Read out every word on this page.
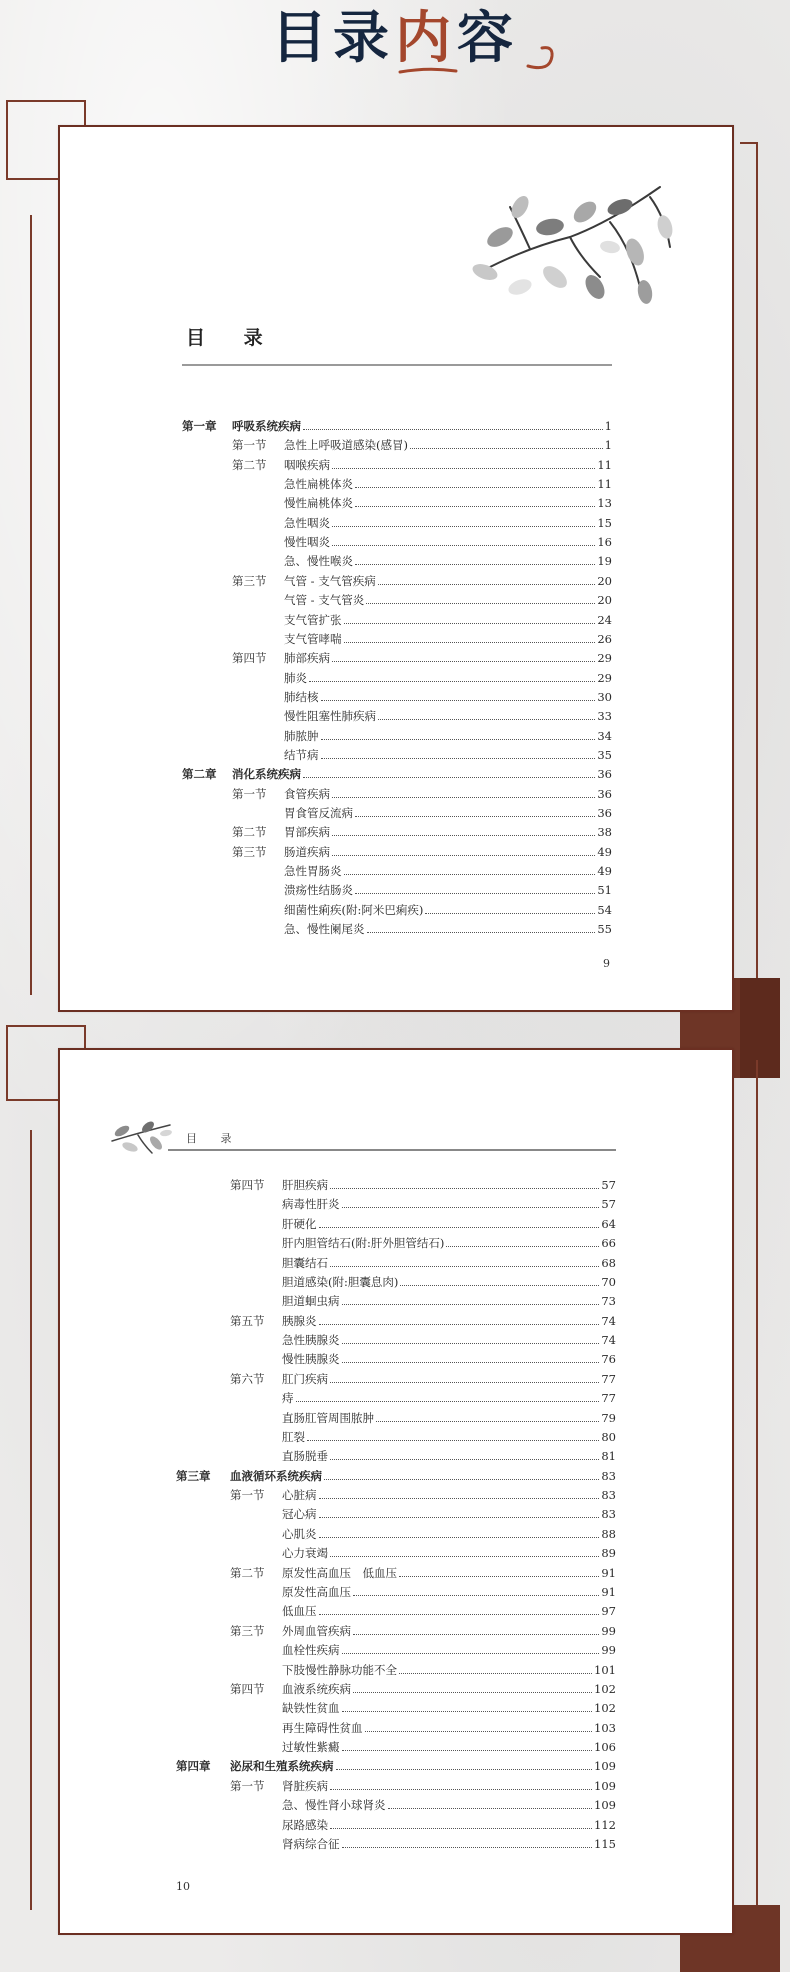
目录内容
目 录
第一章 呼吸系统疾病	1
第一节 急性上呼吸道感染(感冒)	1
第二节 咽喉疾病	11
急性扁桃体炎	11
慢性扁桃体炎	13
急性咽炎	15
慢性咽炎	16
急、慢性喉炎	19
第三节 气管 - 支气管疾病	20
气管 - 支气管炎	20
支气管扩张	24
支气管哮喘	26
第四节 肺部疾病	29
肺炎	29
肺结核	30
慢性阻塞性肺疾病	33
肺脓肿	34
结节病	35
第二章 消化系统疾病	36
第一节 食管疾病	36
胃食管反流病	36
第二节 胃部疾病	38
第三节 肠道疾病	49
急性胃肠炎	49
溃疡性结肠炎	51
细菌性痢疾(附:阿米巴痢疾)	54
急、慢性阑尾炎	55
9
目 录
第四节 肝胆疾病	57
病毒性肝炎	57
肝硬化	64
肝内胆管结石(附:肝外胆管结石)	66
胆囊结石	68
胆道感染(附:胆囊息肉)	70
胆道蛔虫病	73
第五节 胰腺炎	74
急性胰腺炎	74
慢性胰腺炎	76
第六节 肛门疾病	77
痔	77
直肠肛管周围脓肿	79
肛裂	80
直肠脱垂	81
第三章 血液循环系统疾病	83
第一节 心脏病	83
冠心病	83
心肌炎	88
心力衰竭	89
第二节 原发性高血压　低血压	91
原发性高血压	91
低血压	97
第三节 外周血管疾病	99
血栓性疾病	99
下肢慢性静脉功能不全	101
第四节 血液系统疾病	102
缺铁性贫血	102
再生障碍性贫血	103
过敏性紫癜	106
第四章 泌尿和生殖系统疾病	109
第一节 肾脏疾病	109
急、慢性肾小球肾炎	109
尿路感染	112
肾病综合征	115
10
